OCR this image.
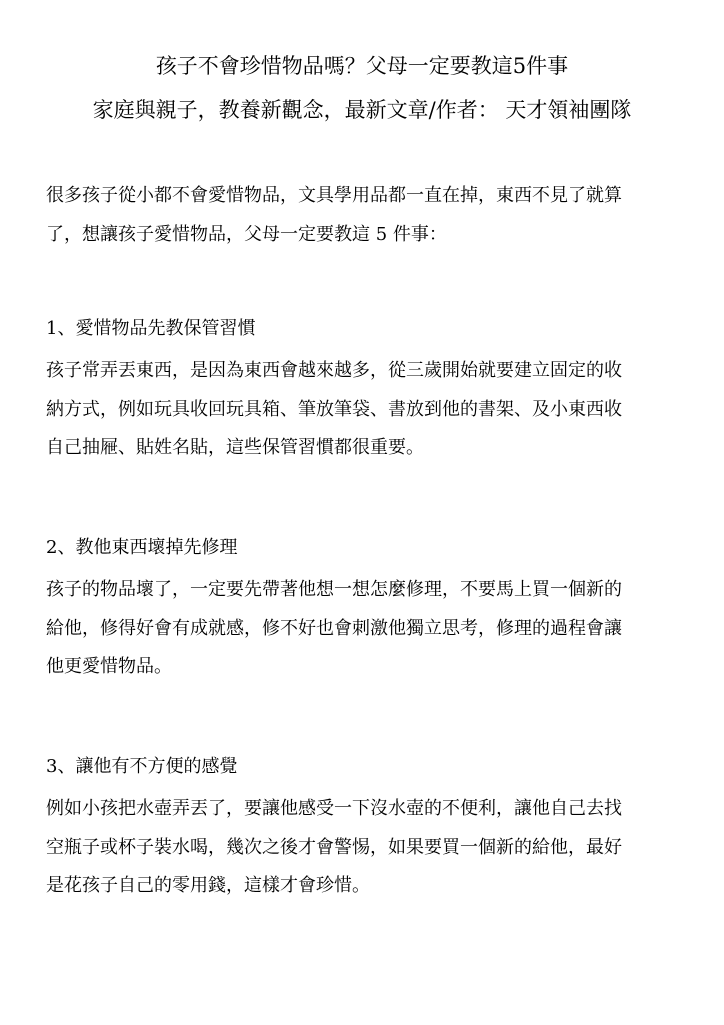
孩子不會珍惜物品嗎？父母一定要教這5件事
家庭與親子，教養新觀念，最新文章/作者： 天才領袖團隊
很多孩子從小都不會愛惜物品，文具學用品都一直在掉，東西不見了就算
了，想讓孩子愛惜物品，父母一定要教這 5 件事：
1、愛惜物品先教保管習慣
孩子常弄丟東西，是因為東西會越來越多，從三歲開始就要建立固定的收
納方式，例如玩具收回玩具箱、筆放筆袋、書放到他的書架、及小東西收
自己抽屜、貼姓名貼，這些保管習慣都很重要。
2、教他東西壞掉先修理
孩子的物品壞了，一定要先帶著他想一想怎麼修理，不要馬上買一個新的
給他，修得好會有成就感，修不好也會刺激他獨立思考，修理的過程會讓
他更愛惜物品。
3、讓他有不方便的感覺
例如小孩把水壺弄丟了，要讓他感受一下沒水壺的不便利，讓他自己去找
空瓶子或杯子裝水喝，幾次之後才會警惕，如果要買一個新的給他，最好
是花孩子自己的零用錢，這樣才會珍惜。
